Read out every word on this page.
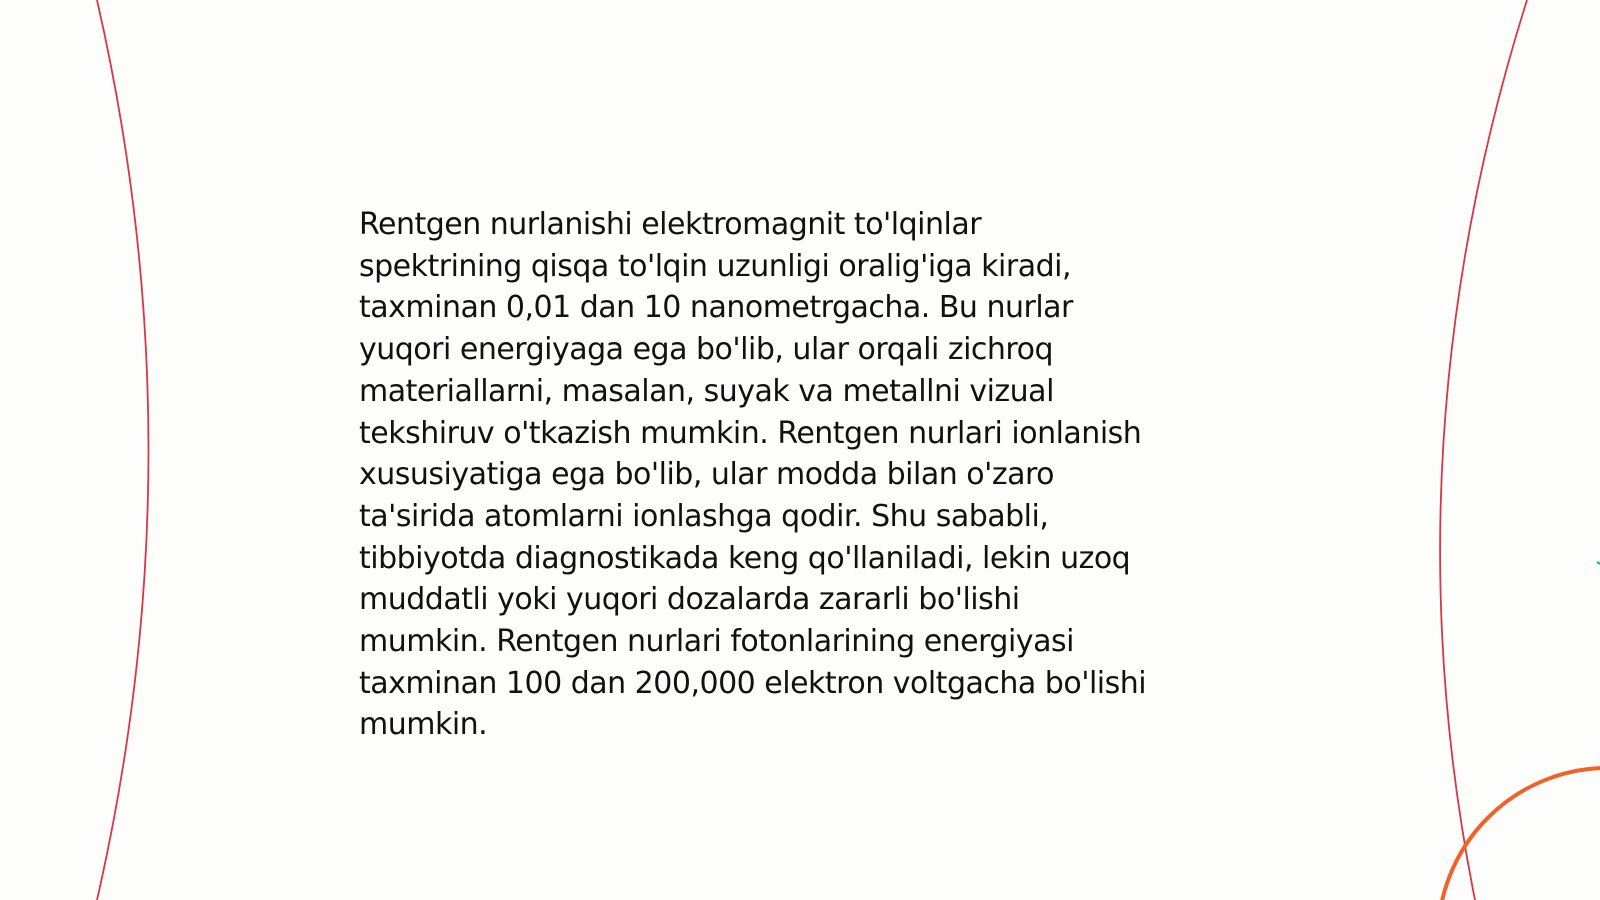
Rentgen nurlanishi elektromagnit to'lqinlar
spektrining qisqa to'lqin uzunligi oralig'iga kiradi,
taxminan 0,01 dan 10 nanometrgacha. Bu nurlar
yuqori energiyaga ega bo'lib, ular orqali zichroq
materiallarni, masalan, suyak va metallni vizual
tekshiruv o'tkazish mumkin. Rentgen nurlari ionlanish
xususiyatiga ega bo'lib, ular modda bilan o'zaro
ta'sirida atomlarni ionlashga qodir. Shu sababli,
tibbiyotda diagnostikada keng qo'llaniladi, lekin uzoq
muddatli yoki yuqori dozalarda zararli bo'lishi
mumkin. Rentgen nurlari fotonlarining energiyasi
taxminan 100 dan 200,000 elektron voltgacha bo'lishi
mumkin.
